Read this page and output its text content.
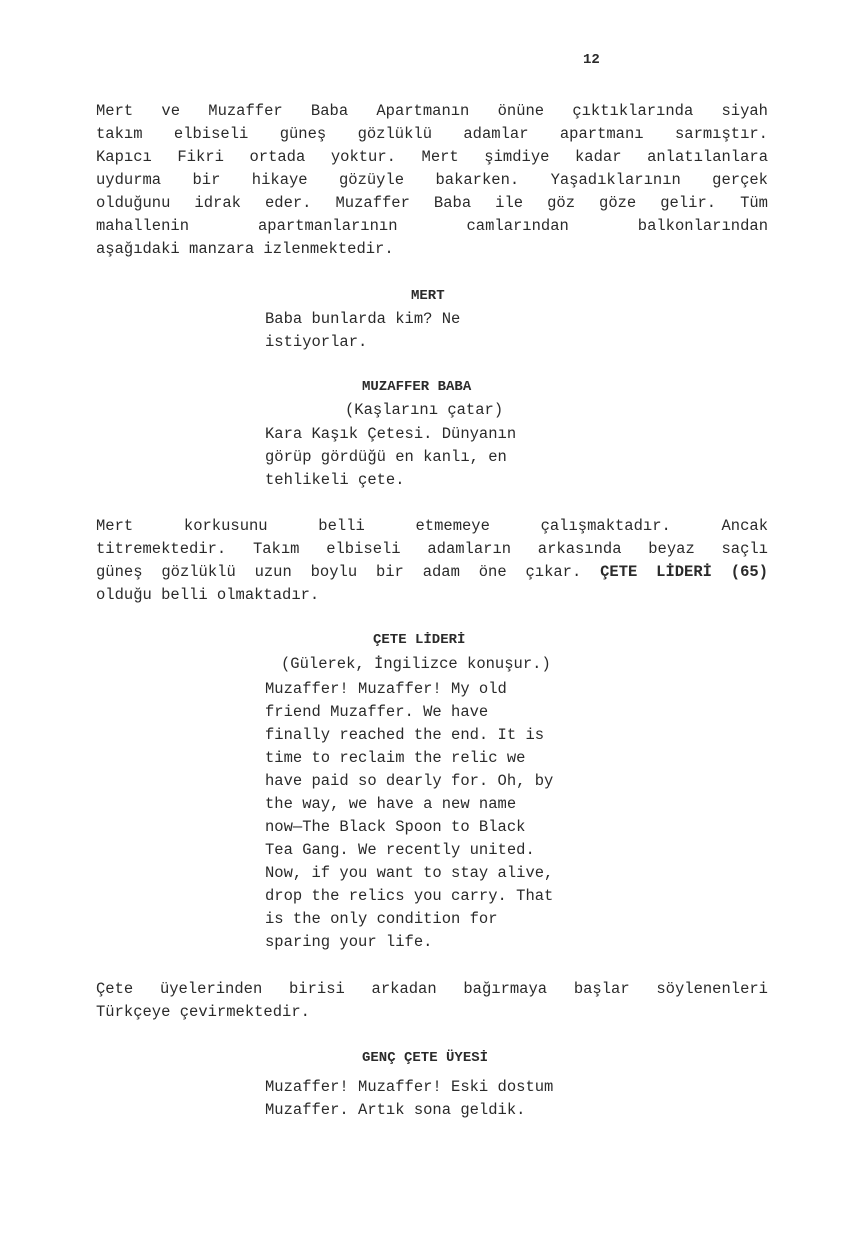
12
Mert ve Muzaffer Baba Apartmanın önüne çıktıklarında siyah
takım elbiseli güneş gözlüklü adamlar apartmanı sarmıştır.
Kapıcı Fikri ortada yoktur. Mert şimdiye kadar anlatılanlara
uydurma bir hikaye gözüyle bakarken. Yaşadıklarının gerçek
olduğunu idrak eder. Muzaffer Baba ile göz göze gelir. Tüm
mahallenin apartmanlarının camlarından balkonlarından
aşağıdaki manzara izlenmektedir.
MERT
Baba bunlarda kim? Ne
istiyorlar.
MUZAFFER BABA
(Kaşlarını çatar)
Kara Kaşık Çetesi. Dünyanın
görüp gördüğü en kanlı, en
tehlikeli çete.
Mert korkusunu belli etmemeye çalışmaktadır. Ancak
titremektedir. Takım elbiseli adamların arkasında beyaz saçlı
güneş gözlüklü uzun boylu bir adam öne çıkar. ÇETE LİDERİ (65)
olduğu belli olmaktadır.
ÇETE LİDERİ
(Gülerek, İngilizce konuşur.)
Muzaffer! Muzaffer! My old
friend Muzaffer. We have
finally reached the end. It is
time to reclaim the relic we
have paid so dearly for. Oh, by
the way, we have a new name
now—The Black Spoon to Black
Tea Gang. We recently united.
Now, if you want to stay alive,
drop the relics you carry. That
is the only condition for
sparing your life.
Çete üyelerinden birisi arkadan bağırmaya başlar söylenenleri
Türkçeye çevirmektedir.
GENÇ ÇETE ÜYESİ
Muzaffer! Muzaffer! Eski dostum
Muzaffer. Artık sona geldik.
